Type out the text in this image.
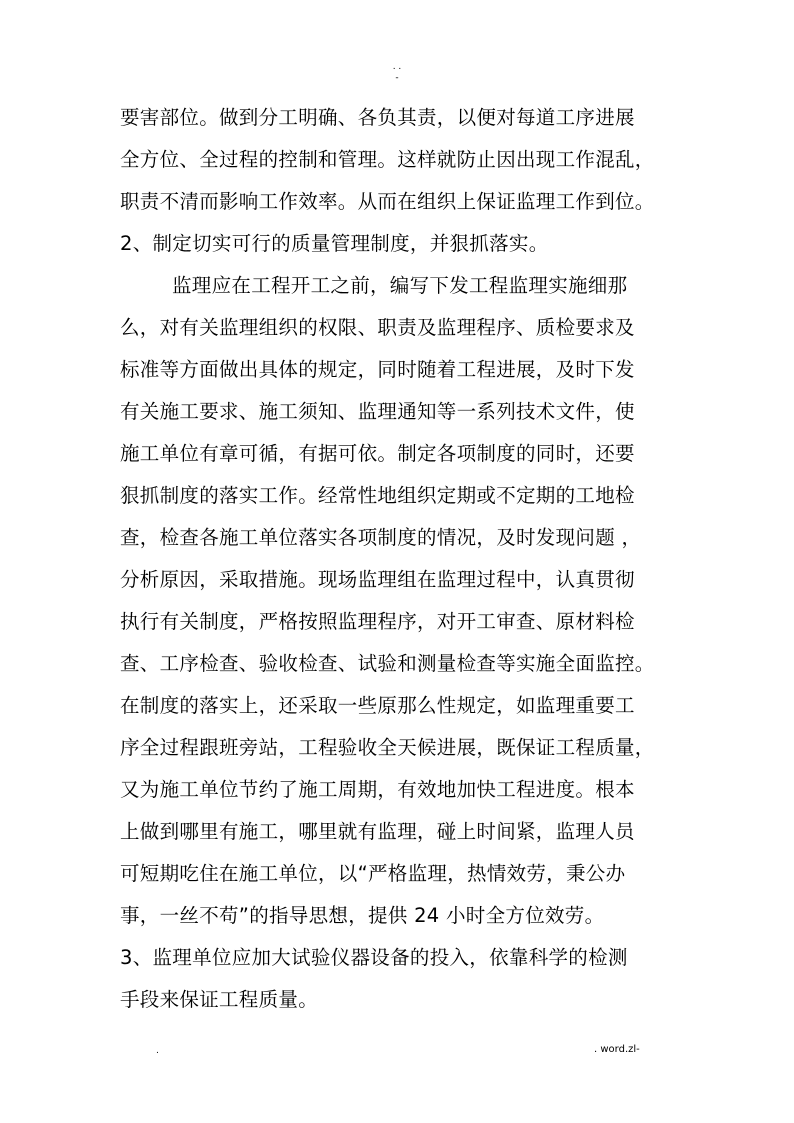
. .
-
要害部位。做到分工明确、各负其责，以便对每道工序进展
全方位、全过程的控制和管理。这样就防止因出现工作混乱，
职责不清而影响工作效率。从而在组织上保证监理工作到位。
2、制定切实可行的质量管理制度，并狠抓落实。
监理应在工程开工之前，编写下发工程监理实施细那
么，对有关监理组织的权限、职责及监理程序、质检要求及
标准等方面做出具体的规定，同时随着工程进展，及时下发
有关施工要求、施工须知、监理通知等一系列技术文件，使
施工单位有章可循，有据可依。制定各项制度的同时，还要
狠抓制度的落实工作。经常性地组织定期或不定期的工地检
查，检查各施工单位落实各项制度的情况，及时发现问题 ，
分析原因，采取措施。现场监理组在监理过程中，认真贯彻
执行有关制度，严格按照监理程序，对开工审查、原材料检
查、工序检查、验收检查、试验和测量检查等实施全面监控。
在制度的落实上，还采取一些原那么性规定，如监理重要工
序全过程跟班旁站，工程验收全天候进展，既保证工程质量，
又为施工单位节约了施工周期，有效地加快工程进度。根本
上做到哪里有施工，哪里就有监理，碰上时间紧，监理人员
可短期吃住在施工单位，以“严格监理，热情效劳，秉公办
事，一丝不苟”的指导思想，提供 24 小时全方位效劳。
3、监理单位应加大试验仪器设备的投入，依靠科学的检测
手段来保证工程质量。
.	. word.zl-
